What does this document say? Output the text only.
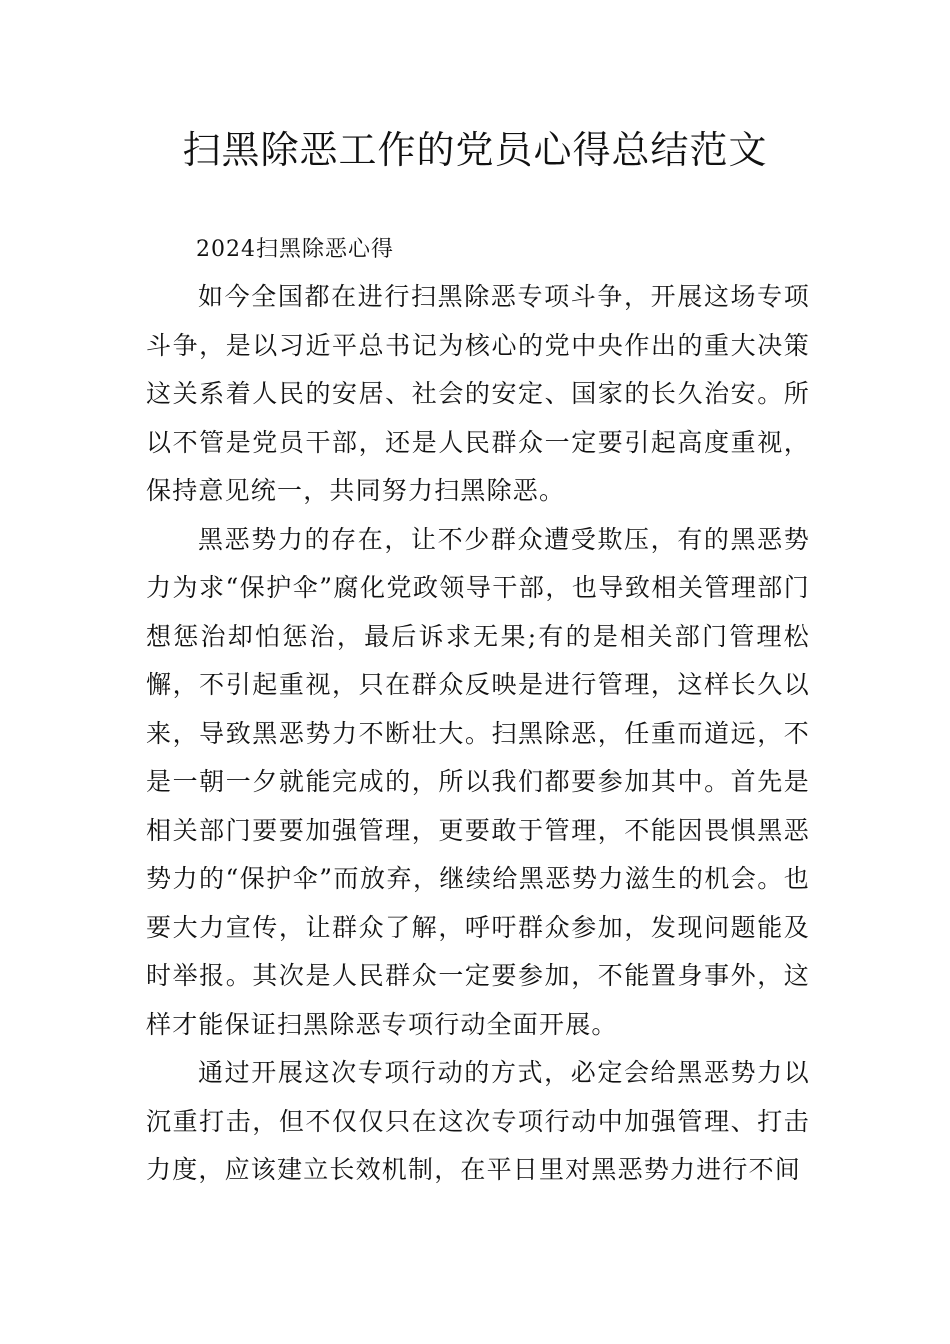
扫黑除恶工作的党员心得总结范文

2024扫黑除恶心得

如今全国都在进行扫黑除恶专项斗争，开展这场专项斗争，是以习近平总书记为核心的党中央作出的重大决策这关系着人民的安居、社会的安定、国家的长久治安。所以不管是党员干部，还是人民群众一定要引起高度重视，保持意见统一，共同努力扫黑除恶。

黑恶势力的存在，让不少群众遭受欺压，有的黑恶势力为求“保护伞”腐化党政领导干部，也导致相关管理部门想惩治却怕惩治，最后诉求无果;有的是相关部门管理松懈，不引起重视，只在群众反映是进行管理，这样长久以来，导致黑恶势力不断壮大。扫黑除恶，任重而道远，不是一朝一夕就能完成的，所以我们都要参加其中。首先是相关部门要要加强管理，更要敢于管理，不能因畏惧黑恶势力的“保护伞”而放弃，继续给黑恶势力滋生的机会。也要大力宣传，让群众了解，呼吁群众参加，发现问题能及时举报。其次是人民群众一定要参加，不能置身事外，这样才能保证扫黑除恶专项行动全面开展。

通过开展这次专项行动的方式，必定会给黑恶势力以沉重打击，但不仅仅只在这次专项行动中加强管理、打击力度，应该建立长效机制，在平日里对黑恶势力进行不间
